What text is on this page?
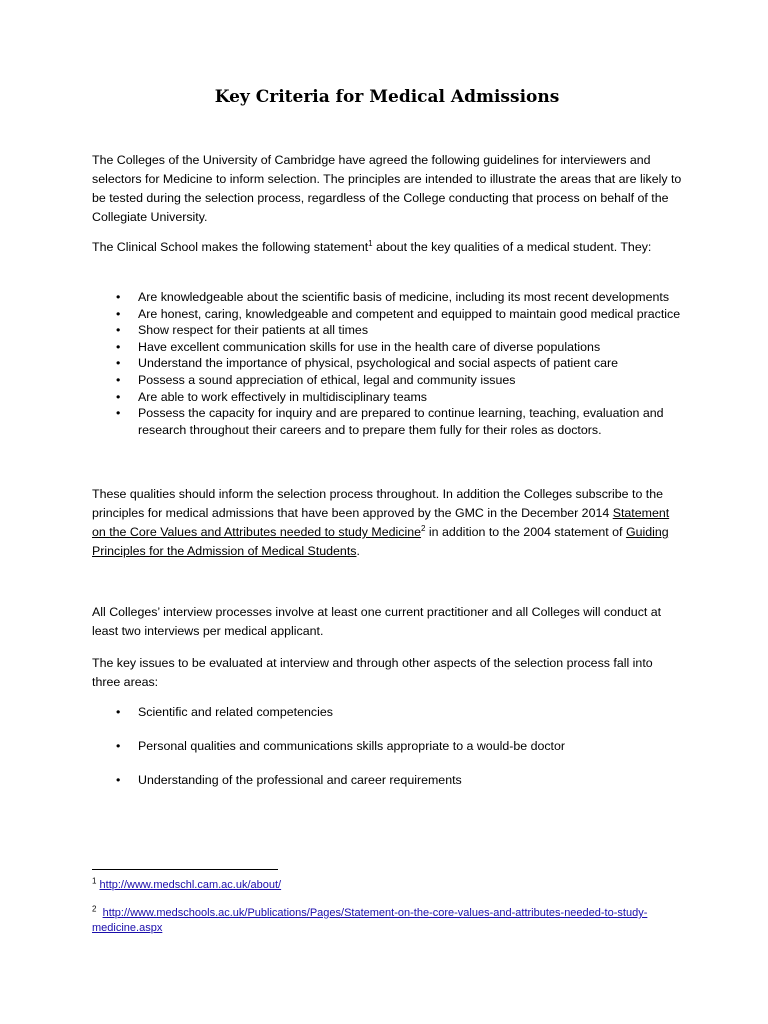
Key Criteria for Medical Admissions
The Colleges of the University of Cambridge have agreed the following guidelines for interviewers and selectors for Medicine to inform selection. The principles are intended to illustrate the areas that are likely to be tested during the selection process, regardless of the College conducting that process on behalf of the Collegiate University.
The Clinical School makes the following statement$^1$ about the key qualities of a medical student. They:
• Are knowledgeable about the scientific basis of medicine, including its most recent developments
• Are honest, caring, knowledgeable and competent and equipped to maintain good medical practice
• Show respect for their patients at all times
• Have excellent communication skills for use in the health care of diverse populations
• Understand the importance of physical, psychological and social aspects of patient care
• Possess a sound appreciation of ethical, legal and community issues
• Are able to work effectively in multidisciplinary teams
• Possess the capacity for inquiry and are prepared to continue learning, teaching, evaluation and research throughout their careers and to prepare them fully for their roles as doctors.
These qualities should inform the selection process throughout. In addition the Colleges subscribe to the principles for medical admissions that have been approved by the GMC in the December 2014 Statement on the Core Values and Attributes needed to study Medicine$^2$ in addition to the 2004 statement of Guiding Principles for the Admission of Medical Students.
All Colleges’ interview processes involve at least one current practitioner and all Colleges will conduct at least two interviews per medical applicant.
The key issues to be evaluated at interview and through other aspects of the selection process fall into three areas:
• Scientific and related competencies
• Personal qualities and communications skills appropriate to a would-be doctor
• Understanding of the professional and career requirements
$^1$ http://www.medschl.cam.ac.uk/about/
$^2$ http://www.medschools.ac.uk/Publications/Pages/Statement-on-the-core-values-and-attributes-needed-to-study-medicine.aspx
